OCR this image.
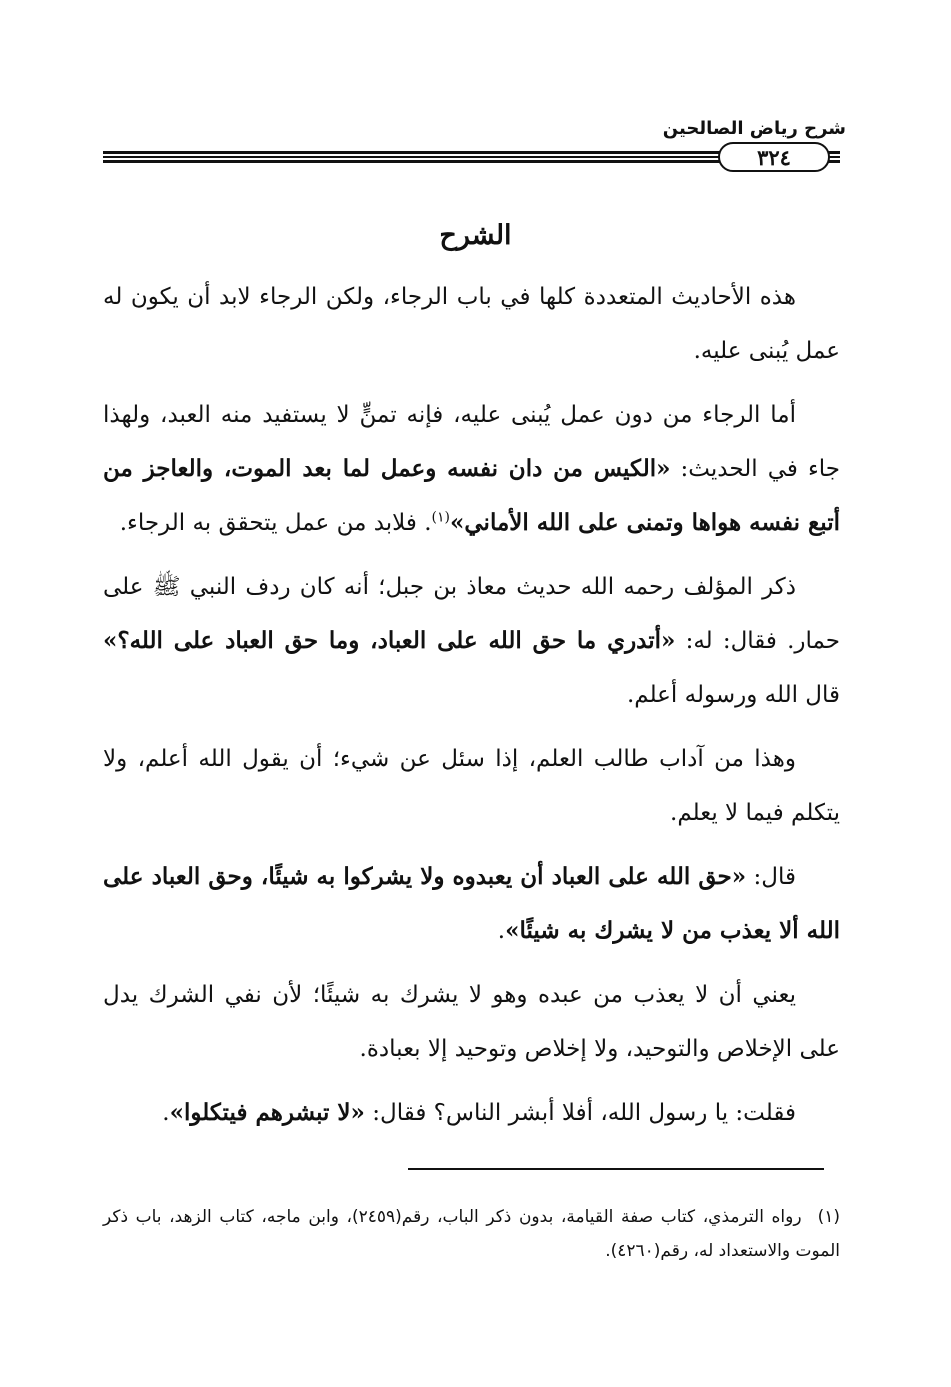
شرح رياض الصالحين
٣٢٤
الشرح

هذه الأحاديث المتعددة كلها في باب الرجاء، ولكن الرجاء لابد أن يكون له عمل يُبنى عليه.

أما الرجاء من دون عمل يُبنى عليه، فإنه تمنٍّ لا يستفيد منه العبد، ولهذا جاء في الحديث: «الكيس من دان نفسه وعمل لما بعد الموت، والعاجز من أتبع نفسه هواها وتمنى على الله الأماني»$^{(١)}$. فلابد من عمل يتحقق به الرجاء.

ذكر المؤلف رحمه الله حديث معاذ بن جبل؛ أنه كان ردف النبي ﷺ على حمار. فقال: له: «أتدري ما حق الله على العباد، وما حق العباد على الله؟» قال الله ورسوله أعلم.

وهذا من آداب طالب العلم، إذا سئل عن شيء؛ أن يقول الله أعلم، ولا يتكلم فيما لا يعلم.

قال: «حق الله على العباد أن يعبدوه ولا يشركوا به شيئًا، وحق العباد على الله ألا يعذب من لا يشرك به شيئًا».

يعني أن لا يعذب من عبده وهو لا يشرك به شيئًا؛ لأن نفي الشرك يدل على الإخلاص والتوحيد، ولا إخلاص وتوحيد إلا بعبادة.

فقلت: يا رسول الله، أفلا أبشر الناس؟ فقال: «لا تبشرهم فيتكلوا».

(١)رواه الترمذي، كتاب صفة القيامة، بدون ذكر الباب، رقم(٢٤٥٩)، وابن ماجه، كتاب الزهد، باب ذكر الموت والاستعداد له، رقم(٤٢٦٠).
